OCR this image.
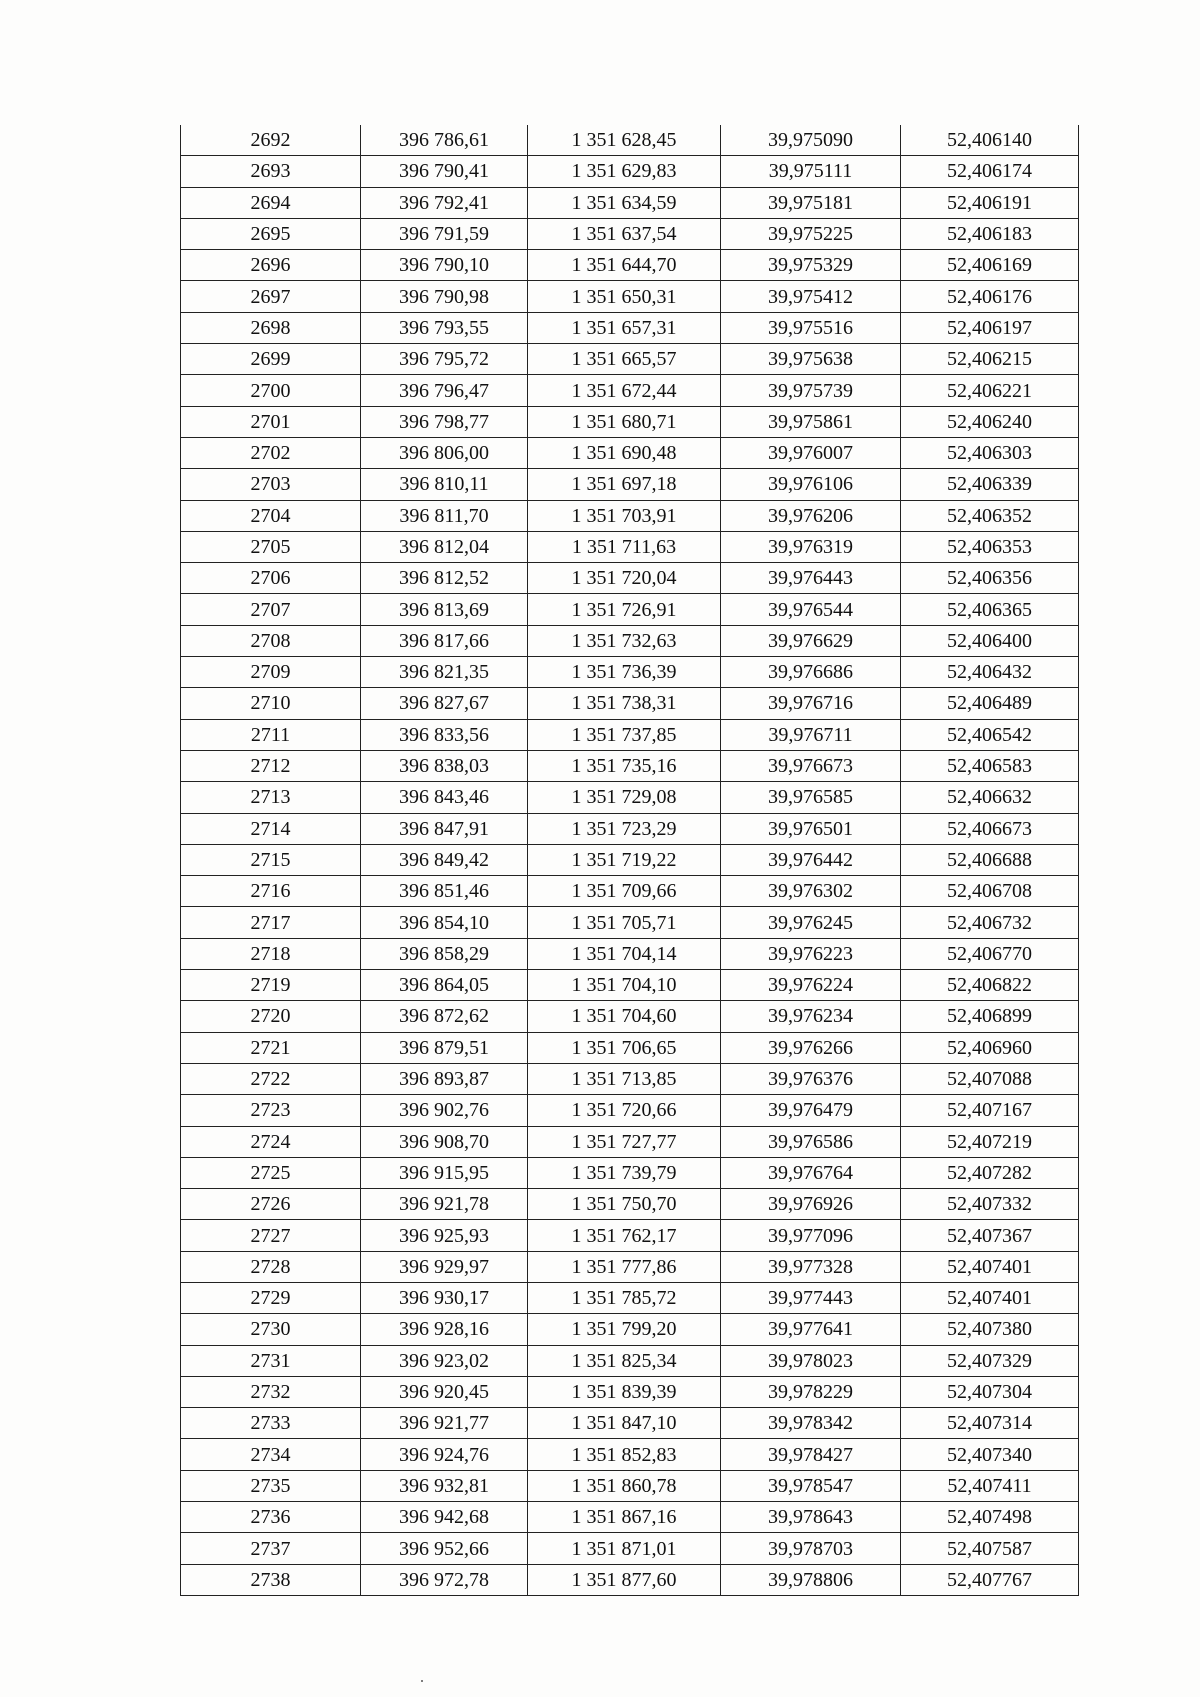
2692	396 786,61	1 351 628,45	39,975090	52,406140
2693	396 790,41	1 351 629,83	39,975111	52,406174
2694	396 792,41	1 351 634,59	39,975181	52,406191
2695	396 791,59	1 351 637,54	39,975225	52,406183
2696	396 790,10	1 351 644,70	39,975329	52,406169
2697	396 790,98	1 351 650,31	39,975412	52,406176
2698	396 793,55	1 351 657,31	39,975516	52,406197
2699	396 795,72	1 351 665,57	39,975638	52,406215
2700	396 796,47	1 351 672,44	39,975739	52,406221
2701	396 798,77	1 351 680,71	39,975861	52,406240
2702	396 806,00	1 351 690,48	39,976007	52,406303
2703	396 810,11	1 351 697,18	39,976106	52,406339
2704	396 811,70	1 351 703,91	39,976206	52,406352
2705	396 812,04	1 351 711,63	39,976319	52,406353
2706	396 812,52	1 351 720,04	39,976443	52,406356
2707	396 813,69	1 351 726,91	39,976544	52,406365
2708	396 817,66	1 351 732,63	39,976629	52,406400
2709	396 821,35	1 351 736,39	39,976686	52,406432
2710	396 827,67	1 351 738,31	39,976716	52,406489
2711	396 833,56	1 351 737,85	39,976711	52,406542
2712	396 838,03	1 351 735,16	39,976673	52,406583
2713	396 843,46	1 351 729,08	39,976585	52,406632
2714	396 847,91	1 351 723,29	39,976501	52,406673
2715	396 849,42	1 351 719,22	39,976442	52,406688
2716	396 851,46	1 351 709,66	39,976302	52,406708
2717	396 854,10	1 351 705,71	39,976245	52,406732
2718	396 858,29	1 351 704,14	39,976223	52,406770
2719	396 864,05	1 351 704,10	39,976224	52,406822
2720	396 872,62	1 351 704,60	39,976234	52,406899
2721	396 879,51	1 351 706,65	39,976266	52,406960
2722	396 893,87	1 351 713,85	39,976376	52,407088
2723	396 902,76	1 351 720,66	39,976479	52,407167
2724	396 908,70	1 351 727,77	39,976586	52,407219
2725	396 915,95	1 351 739,79	39,976764	52,407282
2726	396 921,78	1 351 750,70	39,976926	52,407332
2727	396 925,93	1 351 762,17	39,977096	52,407367
2728	396 929,97	1 351 777,86	39,977328	52,407401
2729	396 930,17	1 351 785,72	39,977443	52,407401
2730	396 928,16	1 351 799,20	39,977641	52,407380
2731	396 923,02	1 351 825,34	39,978023	52,407329
2732	396 920,45	1 351 839,39	39,978229	52,407304
2733	396 921,77	1 351 847,10	39,978342	52,407314
2734	396 924,76	1 351 852,83	39,978427	52,407340
2735	396 932,81	1 351 860,78	39,978547	52,407411
2736	396 942,68	1 351 867,16	39,978643	52,407498
2737	396 952,66	1 351 871,01	39,978703	52,407587
2738	396 972,78	1 351 877,60	39,978806	52,407767
